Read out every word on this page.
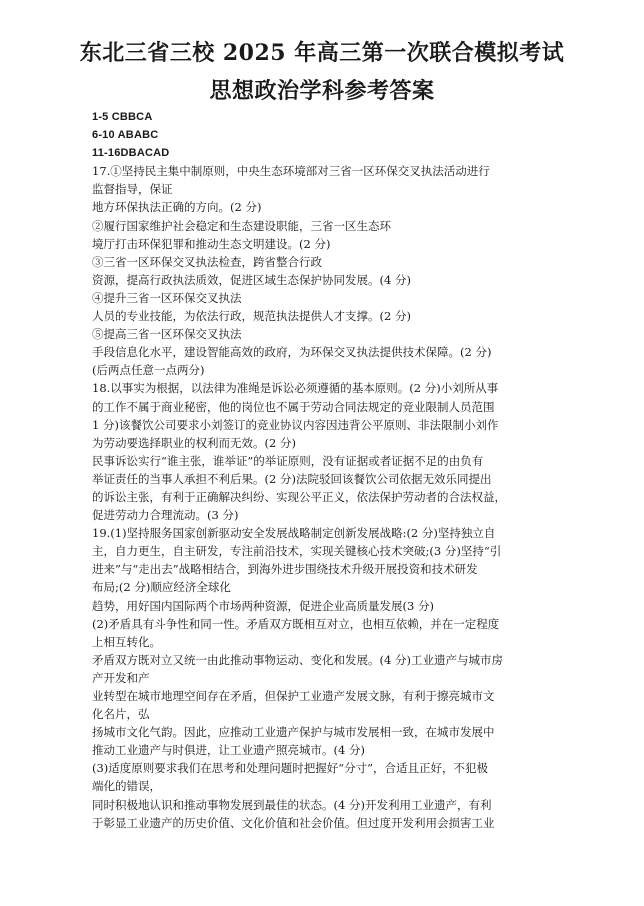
东北三省三校 2025 年高三第一次联合模拟考试
思想政治学科参考答案
1-5 CBBCA
6-10 ABABC
11-16DBACAD
17.①坚持民主集中制原则，中央生态环境部对三省一区环保交叉执法活动进行
监督指导，保证
地方环保执法正确的方向。(2 分)
②履行国家维护社会稳定和生态建设职能，三省一区生态环
境厅打击环保犯罪和推动生态文明建设。(2 分)
③三省一区环保交叉执法检查，跨省整合行政
资源，提高行政执法质效，促进区域生态保护协同发展。(4 分)
④提升三省一区环保交叉执法
人员的专业技能，为依法行政，规范执法提供人才支撑。(2 分)
⑤提高三省一区环保交叉执法
手段信息化水平，建设智能高效的政府，为环保交叉执法提供技术保障。(2 分)
(后两点任意一点两分)
18.以事实为根据，以法律为准绳是诉讼必须遵循的基本原则。(2 分)小刘所从事
的工作不属于商业秘密，他的岗位也不属于劳动合同法规定的竞业限制人员范围
1 分)该餐饮公司要求小刘签订的竞业协议内容因违背公平原则、非法限制小刘作
为劳动要选择职业的权利而无效。(2 分)
民事诉讼实行“谁主张，谁举证”的举证原则，没有证据或者证据不足的由负有
举证责任的当事人承担不利后果。(2 分)法院驳回该餐饮公司依据无效乐同提出
的诉讼主张，有利于正确解决纠纷、实现公平正义，依法保护劳动者的合法权益，
促进劳动力合理流动。(3 分)
19.(1)坚持服务国家创新驱动安全发展战略制定创新发展战略:(2 分)坚持独立自
主，自力更生，自主研发，专注前沿技术，实现关键核心技术突破;(3 分)坚持“引
进来”与“走出去”战略相结合，到海外进步围绕技术升级开展投资和技术研发
布局;(2 分)顺应经济全球化
趋势，用好国内国际两个市场两种资源，促进企业高质量发展(3 分)
(2)矛盾具有斗争性和同一性。矛盾双方既相互对立，也相互依赖，并在一定程度
上相互转化。
矛盾双方既对立又统一由此推动事物运动、变化和发展。(4 分)工业遗产与城市房
产开发和产
业转型在城市地理空间存在矛盾，但保护工业遗产发展文脉，有利于擦亮城市文
化名片，弘
扬城市文化气韵。因此，应推动工业遗产保护与城市发展相一致，在城市发展中
推动工业遗产与时俱进，让工业遗产照亮城市。(4 分)
(3)适度原则要求我们在思考和处理问题时把握好“分寸”，合适且正好，不犯极
端化的错误，
同时积极地认识和推动事物发展到最佳的状态。(4 分)开发利用工业遗产，有利
于彰显工业遗产的历史价值、文化价值和社会价值。但过度开发利用会损害工业
